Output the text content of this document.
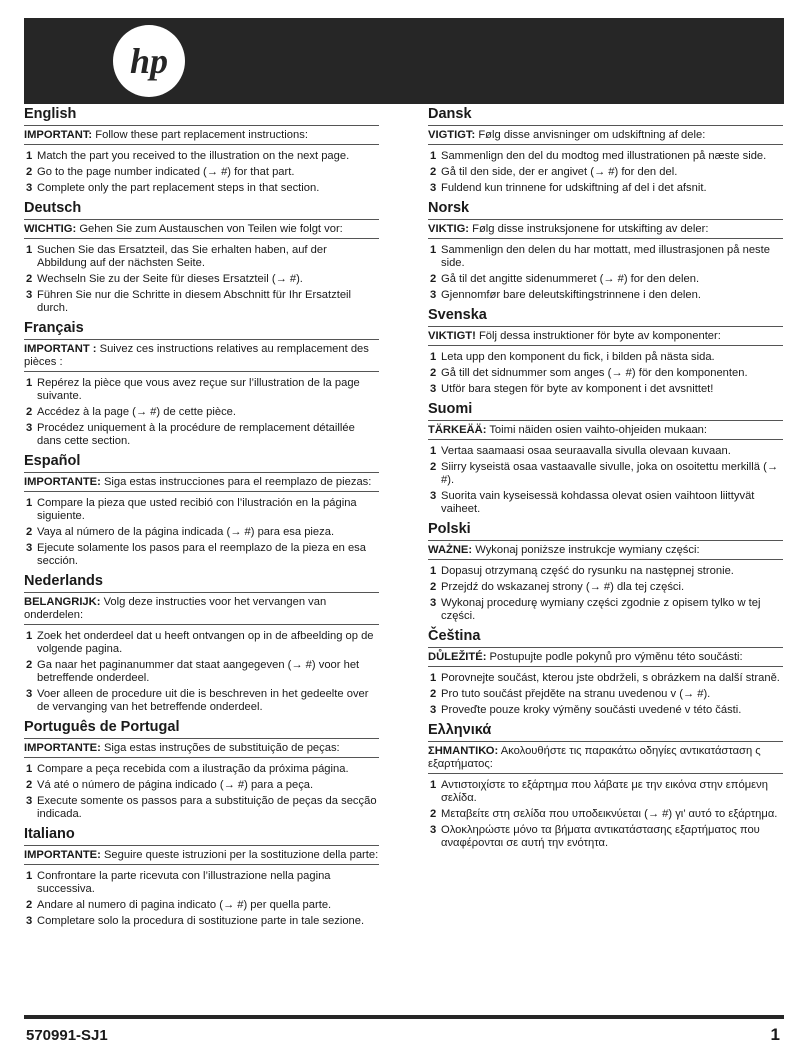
hp
English
IMPORTANT: Follow these part replacement instructions:
1 Match the part you received to the illustration on the next page.
2 Go to the page number indicated (→ #) for that part.
3 Complete only the part replacement steps in that section.
Deutsch
WICHTIG: Gehen Sie zum Austauschen von Teilen wie folgt vor:
1 Suchen Sie das Ersatzteil, das Sie erhalten haben, auf der Abbildung auf der nächsten Seite.
2 Wechseln Sie zu der Seite für dieses Ersatzteil (→ #).
3 Führen Sie nur die Schritte in diesem Abschnitt für Ihr Ersatzteil durch.
Français
IMPORTANT : Suivez ces instructions relatives au remplacement des pièces :
1 Repérez la pièce que vous avez reçue sur l’illustration de la page suivante.
2 Accédez à la page (→ #) de cette pièce.
3 Procédez uniquement à la procédure de remplacement détaillée dans cette section.
Español
IMPORTANTE: Siga estas instrucciones para el reemplazo de piezas:
1 Compare la pieza que usted recibió con l’ilustración en la página siguiente.
2 Vaya al número de la página indicada (→ #) para esa pieza.
3 Ejecute solamente los pasos para el reemplazo de la pieza en esa sección.
Nederlands
BELANGRIJK: Volg deze instructies voor het vervangen van onderdelen:
1 Zoek het onderdeel dat u heeft ontvangen op in de afbeelding op de volgende pagina.
2 Ga naar het paginanummer dat staat aangegeven (→ #) voor het betreffende onderdeel.
3 Voer alleen de procedure uit die is beschreven in het gedeelte over de vervanging van het betreffende onderdeel.
Português de Portugal
IMPORTANTE: Siga estas instruções de substituição de peças:
1 Compare a peça recebida com a ilustração da próxima página.
2 Vá até o número de página indicado (→ #) para a peça.
3 Execute somente os passos para a substituição de peças da secção indicada.
Italiano
IMPORTANTE: Seguire queste istruzioni per la sostituzione della parte:
1 Confrontare la parte ricevuta con l’illustrazione nella pagina successiva.
2 Andare al numero di pagina indicato (→ #) per quella parte.
3 Completare solo la procedura di sostituzione parte in tale sezione.
Dansk
VIGTIGT: Følg disse anvisninger om udskiftning af dele:
1 Sammenlign den del du modtog med illustrationen på næste side.
2 Gå til den side, der er angivet (→ #) for den del.
3 Fuldend kun trinnene for udskiftning af del i det afsnit.
Norsk
VIKTIG: Følg disse instruksjonene for utskifting av deler:
1 Sammenlign den delen du har mottatt, med illustrasjonen på neste side.
2 Gå til det angitte sidenummeret (→ #) for den delen.
3 Gjennomfør bare deleutskiftingstrinnene i den delen.
Svenska
VIKTIGT! Följ dessa instruktioner för byte av komponenter:
1 Leta upp den komponent du fick, i bilden på nästa sida.
2 Gå till det sidnummer som anges (→ #) för den komponenten.
3 Utför bara stegen för byte av komponent i det avsnittet!
Suomi
TÄRKEÄÄ: Toimi näiden osien vaihto-ohjeiden mukaan:
1 Vertaa saamaasi osaa seuraavalla sivulla olevaan kuvaan.
2 Siirry kyseistä osaa vastaavalle sivulle, joka on osoitettu merkillä (→ #).
3 Suorita vain kyseisessä kohdassa olevat osien vaihtoon liittyvät vaiheet.
Polski
WAŻNE: Wykonaj poniższe instrukcje wymiany części:
1 Dopasuj otrzymaną część do rysunku na następnej stronie.
2 Przejdź do wskazanej strony (→ #) dla tej części.
3 Wykonaj procedurę wymiany części zgodnie z opisem tylko w tej części.
Čeština
DŮLEŽITÉ: Postupujte podle pokynů pro výměnu této součásti:
1 Porovnejte součást, kterou jste obdrželi, s obrázkem na další straně.
2 Pro tuto součást přejděte na stranu uvedenou v (→ #).
3 Proveďte pouze kroky výměny součásti uvedené v této části.
Ελληνικά
ΣΗΜΑΝΤΙΚΟ: Ακολουθήστε τις παρακάτω οδηγίες αντικατάσταση ς εξαρτήματος:
1 Αντιστοιχίστε το εξάρτημα που λάβατε με την εικόνα στην επόμενη σελίδα.
2 Μεταβείτε στη σελίδα που υποδεικνύεται (→ #) γι’ αυτό το εξάρτημα.
3 Ολοκληρώστε μόνο τα βήματα αντικατάστασης εξαρτήματος που αναφέρονται σε αυτή την ενότητα.
570991-SJ1	1
